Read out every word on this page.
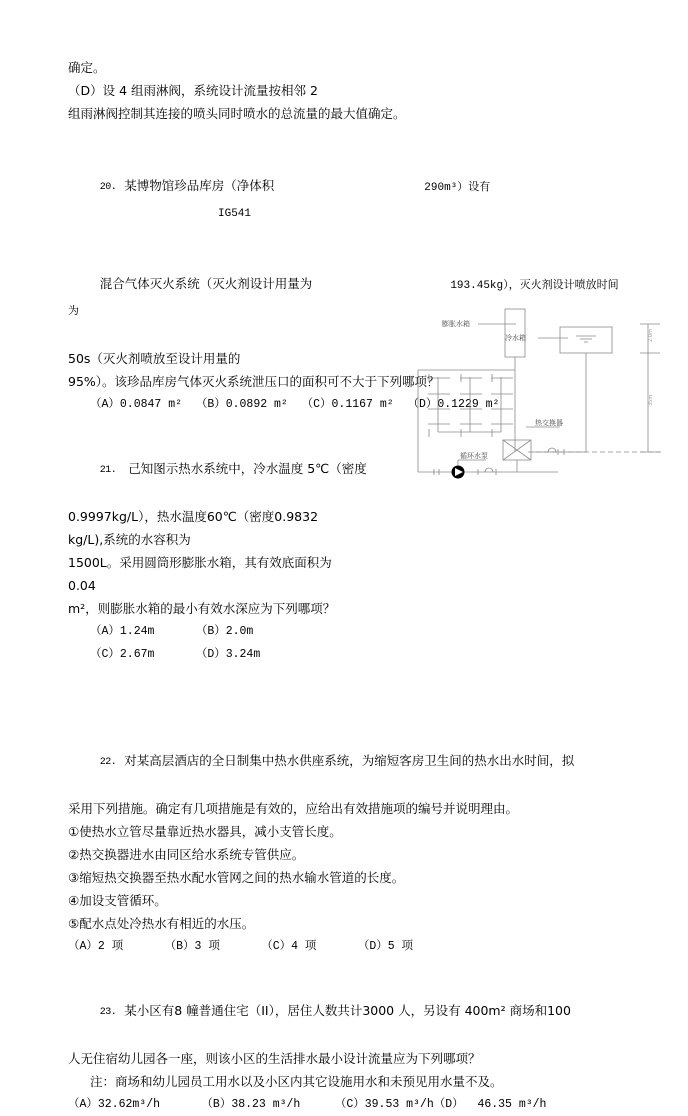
确定。
（D）设 4 组雨淋阀，系统设计流量按相邻 2
组雨淋阀控制其连接的喷头同时喷水的总流量的最大值确定。

20. 某博物馆珍品库房（净体积	290m³）设有IG541

混合气体灭火系统（灭火剂设计用量为	193.45kg），灭火剂设计喷放时间为

50s（灭火剂喷放至设计用量的
95%）。该珍品库房气体灭火系统泄压口的面积可不大于下列哪项？
（A）0.0847 m²  （B）0.0892 m²  （C）0.1167 m²  （D）0.1229 m²

21. 己知图示热水系统中，冷水温度 5℃（密度

0.9997kg/L），热水温度60℃（密度0.9832
kg/L),系统的水容积为
1500L。采用圆筒形膨胀水箱，其有效底面积为
0.04
m²，则膨胀水箱的最小有效水深应为下列哪项？
（A）1.24m      （B）2.0m
（C）2.67m      （D）3.24m

22. 对某高层酒店的全日制集中热水供座系统，为缩短客房卫生间的热水出水时间，拟

采用下列措施。确定有几项措施是有效的，应给出有效措施项的编号并说明理由。
①使热水立管尽量靠近热水器具，减小支管长度。
②热交换器进水由同区给水系统专管供应。
③缩短热交换器至热水配水管网之间的热水输水管道的长度。
④加设支管循环。
⑤配水点处冷热水有相近的水压。
（A）2 项      （B）3 项      （C）4 项      （D）5 项

23. 某小区有8 幢普通住宅（II），居住人数共计3000 人，另设有 400m² 商场和100

人无住宿幼儿园各一座，则该小区的生活排水最小设计流量应为下列哪项？
注：商场和幼儿园员工用水以及小区内其它设施用水和未预见用水量不及。
（A）32.62m³/h      （B）38.23 m³/h     （C）39.53 m³/h（D）  46.35 m³/h
膨胀水箱
冷水箱
热交换器
循环水泵
2.0m
35m
